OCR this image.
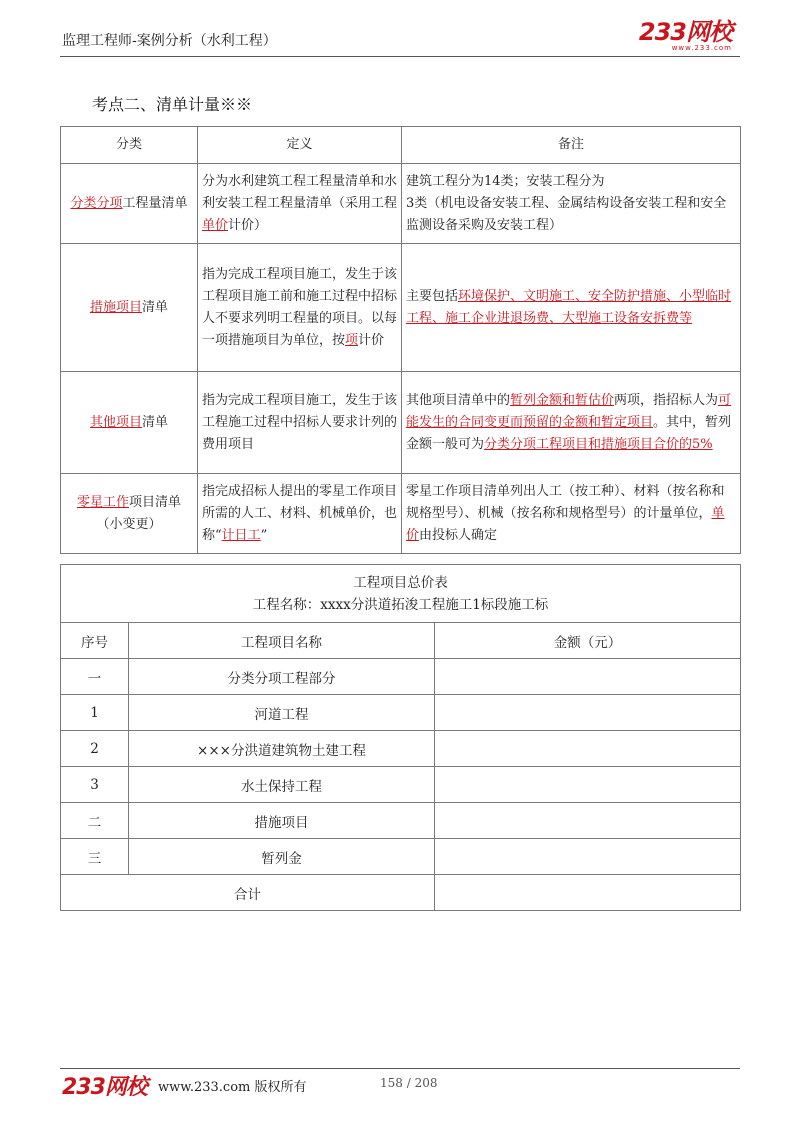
监理工程师-案例分析（水利工程）	233网校
www.233.com
考点二、清单计量※※
分类	定义	备注
分类分项工程量清单	分为水利建筑工程工程量清单和水利安装工程工程量清单（采用工程单价计价）	建筑工程分为14类；安装工程分为
3类（机电设备安装工程、金属结构设备安装工程和安全监测设备采购及安装工程）
措施项目清单	指为完成工程项目施工，发生于该工程项目施工前和施工过程中招标人不要求列明工程量的项目。以每一项措施项目为单位，按项计价	主要包括环境保护、文明施工、安全防护措施、小型临时工程、施工企业进退场费、大型施工设备安拆费等
其他项目清单	指为完成工程项目施工，发生于该工程施工过程中招标人要求计列的费用项目	其他项目清单中的暂列金额和暂估价两项，指招标人为可能发生的合同变更而预留的金额和暂定项目。其中，暂列金额一般可为分类分项工程项目和措施项目合价的5%
零星工作项目清单
（小变更）	指完成招标人提出的零星工作项目所需的人工、材料、机械单价，也称“计日工”	零星工作项目清单列出人工（按工种）、材料（按名称和规格型号）、机械（按名称和规格型号）的计量单位，单价由投标人确定
工程项目总价表
工程名称：xxxx分洪道拓浚工程施工1标段施工标		

序号	工程项目名称	金额（元）
一	分类分项工程部分	
1	河道工程	
2	×××分洪道建筑物土建工程	
3	水土保持工程	
二	措施项目	
三	暂列金	
合计		
233网校 www.233.com 版权所有	158 / 208
